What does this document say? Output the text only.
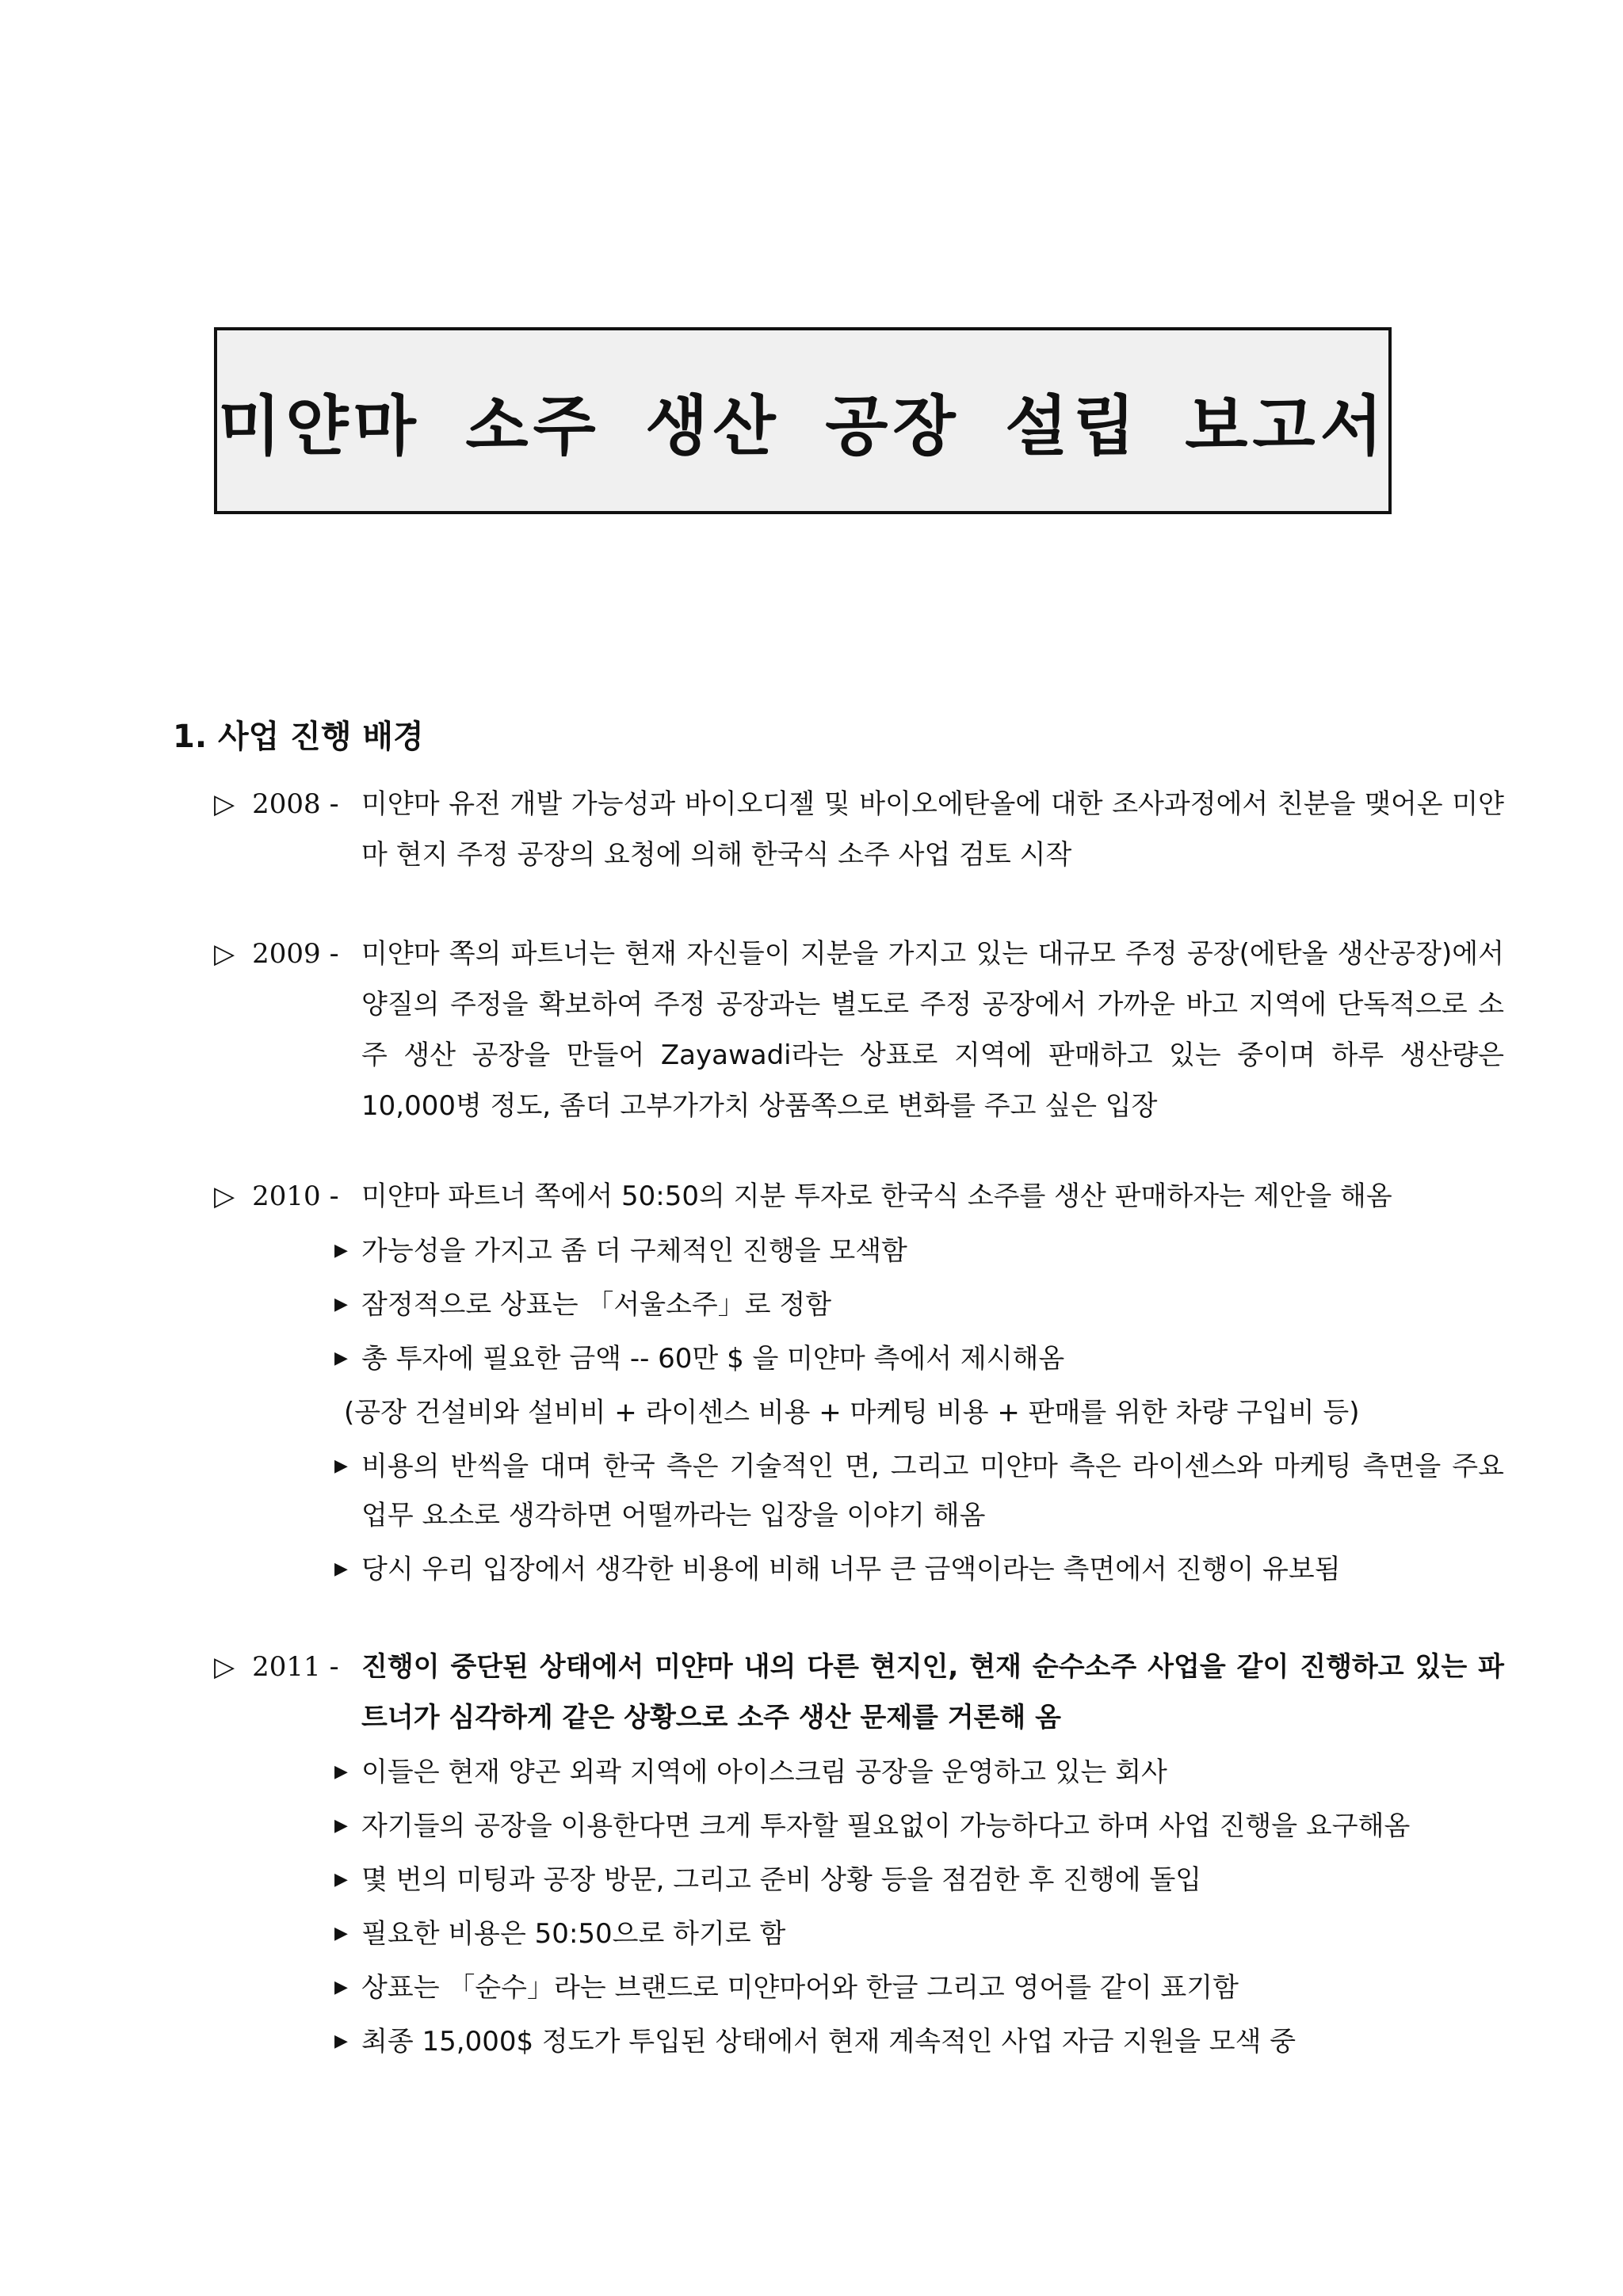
미얀마 소주 생산 공장 설립 보고서
1. 사업 진행 배경
▷ 2008 - 미얀마 유전 개발 가능성과 바이오디젤 및 바이오에탄올에 대한 조사과정에서 친분을 맺어온 미얀마 현지 주정 공장의 요청에 의해 한국식 소주 사업 검토 시작
▷ 2009 - 미얀마 쪽의 파트너는 현재 자신들이 지분을 가지고 있는 대규모 주정 공장(에탄올 생산공장)에서 양질의 주정을 확보하여 주정 공장과는 별도로 주정 공장에서 가까운 바고 지역에 단독적으로 소주 생산 공장을 만들어 Zayawadi라는 상표로 지역에 판매하고 있는 중이며 하루 생산량은 10,000병 정도, 좀더 고부가가치 상품쪽으로 변화를 주고 싶은 입장
▷ 2010 - 미얀마 파트너 쪽에서 50:50의 지분 투자로 한국식 소주를 생산 판매하자는 제안을 해옴
▶ 가능성을 가지고 좀 더 구체적인 진행을 모색함
▶ 잠정적으로 상표는 「서울소주」로 정함
▶ 총 투자에 필요한 금액 -- 60만 $ 을 미얀마 측에서 제시해옴
(공장 건설비와 설비비 + 라이센스 비용 + 마케팅 비용 + 판매를 위한 차량 구입비 등)
▶ 비용의 반씩을 대며 한국 측은 기술적인 면, 그리고 미얀마 측은 라이센스와 마케팅 측면을 주요 업무 요소로 생각하면 어떨까라는 입장을 이야기 해옴
▶ 당시 우리 입장에서 생각한 비용에 비해 너무 큰 금액이라는 측면에서 진행이 유보됨
▷ 2011 - 진행이 중단된 상태에서 미얀마 내의 다른 현지인, 현재 순수소주 사업을 같이 진행하고 있는 파트너가 심각하게 같은 상황으로 소주 생산 문제를 거론해 옴
▶ 이들은 현재 양곤 외곽 지역에 아이스크림 공장을 운영하고 있는 회사
▶ 자기들의 공장을 이용한다면 크게 투자할 필요없이 가능하다고 하며 사업 진행을 요구해옴
▶ 몇 번의 미팅과 공장 방문, 그리고 준비 상황 등을 점검한 후 진행에 돌입
▶ 필요한 비용은 50:50으로 하기로 함
▶ 상표는 「순수」라는 브랜드로 미얀마어와 한글 그리고 영어를 같이 표기함
▶ 최종 15,000$ 정도가 투입된 상태에서 현재 계속적인 사업 자금 지원을 모색 중
